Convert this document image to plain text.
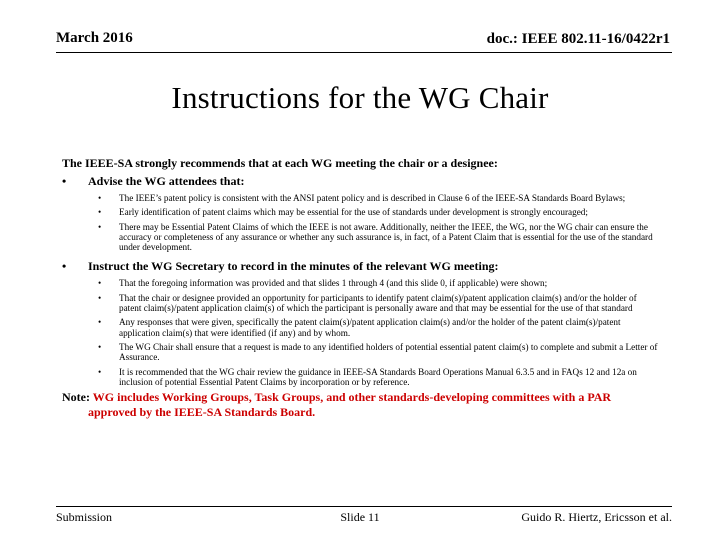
March 2016	doc.: IEEE 802.11-16/0422r1
Instructions for the WG Chair

The IEEE-SA strongly recommends that at each WG meeting the chair or a designee:

• Advise the WG attendees that:
• The IEEE’s patent policy is consistent with the ANSI patent policy and is described in Clause 6 of the IEEE-SA Standards Board Bylaws;
• Early identification of patent claims which may be essential for the use of standards under development is strongly encouraged;
• There may be Essential Patent Claims of which the IEEE is not aware. Additionally, neither the IEEE, the WG, nor the WG chair can ensure the accuracy or completeness of any assurance or whether any such assurance is, in fact, of a Patent Claim that is essential for the use of the standard under development.
• Instruct the WG Secretary to record in the minutes of the relevant WG meeting:
• That the foregoing information was provided and that slides 1 through 4 (and this slide 0, if applicable) were shown;
• That the chair or designee provided an opportunity for participants to identify patent claim(s)/patent application claim(s) and/or the holder of patent claim(s)/patent application claim(s) of which the participant is personally aware and that may be essential for the use of that standard
• Any responses that were given, specifically the patent claim(s)/patent application claim(s) and/or the holder of the patent claim(s)/patent application claim(s) that were identified (if any) and by whom.
• The WG Chair shall ensure that a request is made to any identified holders of potential essential patent claim(s) to complete and submit a Letter of Assurance.
• It is recommended that the WG chair review the guidance in IEEE-SA Standards Board Operations Manual 6.3.5 and in FAQs 12 and 12a on inclusion of potential Essential Patent Claims by incorporation or by reference.

Note: WG includes Working Groups, Task Groups, and other standards-developing committees with a PAR approved by the IEEE-SA Standards Board.

Submission	Slide 11	Guido R. Hiertz, Ericsson et al.
